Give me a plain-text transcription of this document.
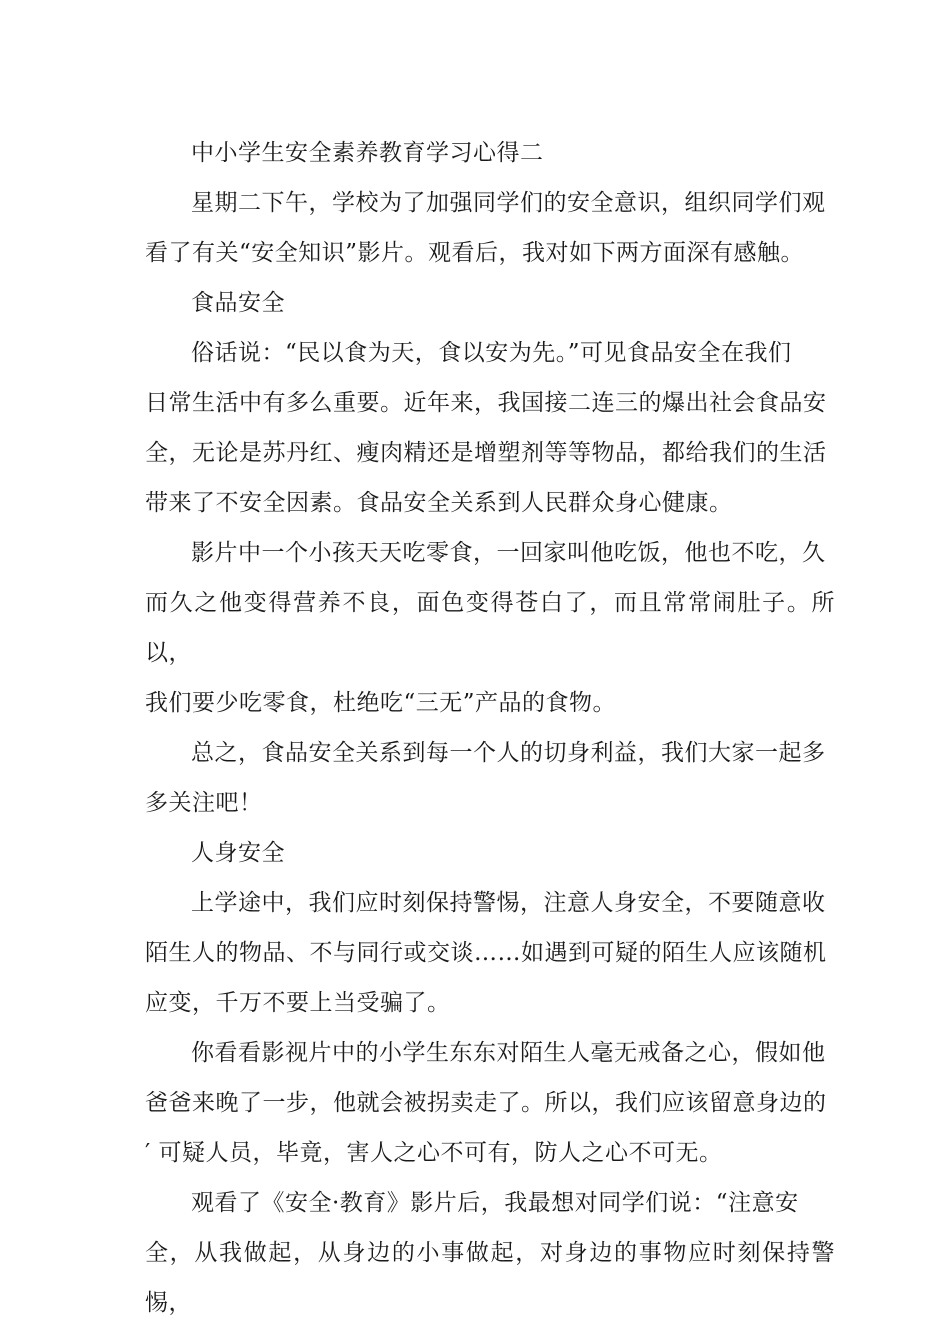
中小学生安全素养教育学习心得二

星期二下午，学校为了加强同学们的安全意识，组织同学们观
看了有关“安全知识”影片。观看后，我对如下两方面深有感触。

食品安全

俗话说：“民以食为天，食以安为先。”可见食品安全在我们
日常生活中有多么重要。近年来，我国接二连三的爆出社会食品安
全，无论是苏丹红、瘦肉精还是增塑剂等等物品，都给我们的生活
带来了不安全因素。食品安全关系到人民群众身心健康。

影片中一个小孩天天吃零食，一回家叫他吃饭，他也不吃，久
而久之他变得营养不良，面色变得苍白了，而且常常闹肚子。所以，
我们要少吃零食，杜绝吃“三无”产品的食物。

总之，食品安全关系到每一个人的切身利益，我们大家一起多
多关注吧！

人身安全

上学途中，我们应时刻保持警惕，注意人身安全，不要随意收
陌生人的物品、不与同行或交谈……如遇到可疑的陌生人应该随机
应变，千万不要上当受骗了。

你看看影视片中的小学生东东对陌生人毫无戒备之心，假如他
爸爸来晚了一步，他就会被拐卖走了。所以，我们应该留意身边的
′ 可疑人员，毕竟，害人之心不可有，防人之心不可无。

观看了《安全·教育》影片后，我最想对同学们说：“注意安
全，从我做起，从身边的小事做起，对身边的事物应时刻保持警惕，
